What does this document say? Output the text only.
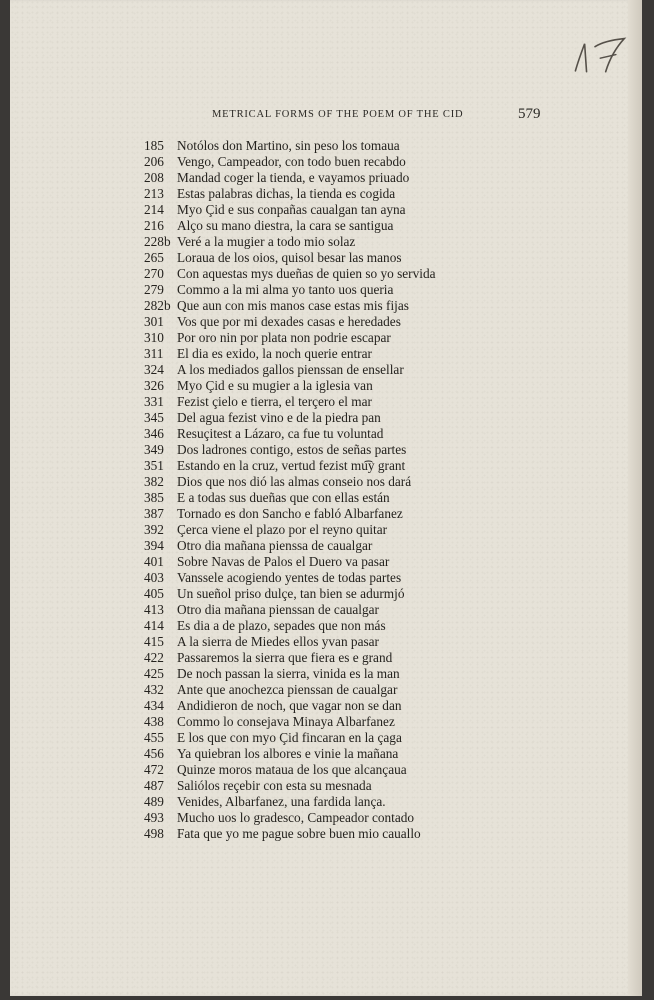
METRICAL FORMS OF THE POEM OF THE CID	579
185 Notólos don Martino, sin peso los tomaua
206 Vengo, Campeador, con todo buen recabdo
208 Mandad coger la tienda, e vayamos priuado
213 Estas palabras dichas, la tienda es cogida
214 Myo Çid e sus conpañas caualgan tan ayna
216 Alço su mano diestra, la cara se santigua
228b Veré a la mugier a todo mio solaz
265 Loraua de los oios, quisol besar las manos
270 Con aquestas mys dueñas de quien so yo servida
279 Commo a la mi alma yo tanto uos queria
282b Que aun con mis manos case estas mis fijas
301 Vos que por mi dexades casas e heredades
310 Por oro nin por plata non podrie escapar
311	El dia es exido, la noch querie entrar
324 A los mediados gallos pienssan de ensellar
326 Myo Çid e su mugier a la iglesia van
331 Fezist çielo e tierra, el terçero el mar
345 Del agua fezist vino e de la piedra pan
346 Resuçitest a Lázaro, ca fue tu voluntad
349 Dos ladrones contigo, estos de señas partes
351 Estando en la cruz, vertud fezist mu͡y grant
382 Dios que nos dió las almas conseio nos dará
385 E a todas sus dueñas que con ellas están
387 Tornado es don Sancho e fabló Albarfanez
392 Çerca viene el plazo por el reyno quitar
394 Otro dia mañana pienssa de caualgar
401 Sobre Navas de Palos el Duero va pasar
403 Vanssele acogiendo yentes de todas partes
405 Un sueñol priso dulçe, tan bien se adurmjó
413 Otro dia mañana pienssan de caualgar
414 Es dia a de plazo, sepades que non más
415 A la sierra de Miedes ellos yvan pasar
422 Passaremos la sierra que fiera es e grand
425 De noch passan la sierra, vinida es la man
432 Ante que anochezca pienssan de caualgar
434 Andidieron de noch, que vagar non se dan
438 Commo lo consejava Minaya Albarfanez
455 E los que con myo Çid fincaran en la çaga
456 Ya quiebran los albores e vinie la mañana
472 Quinze moros mataua de los que alcançaua
487 Saliólos reçebir con esta su mesnada
489 Venides, Albarfanez, una fardida lança.
493 Mucho uos lo gradesco, Campeador contado
498 Fata que yo me pague sobre buen mio cauallo
